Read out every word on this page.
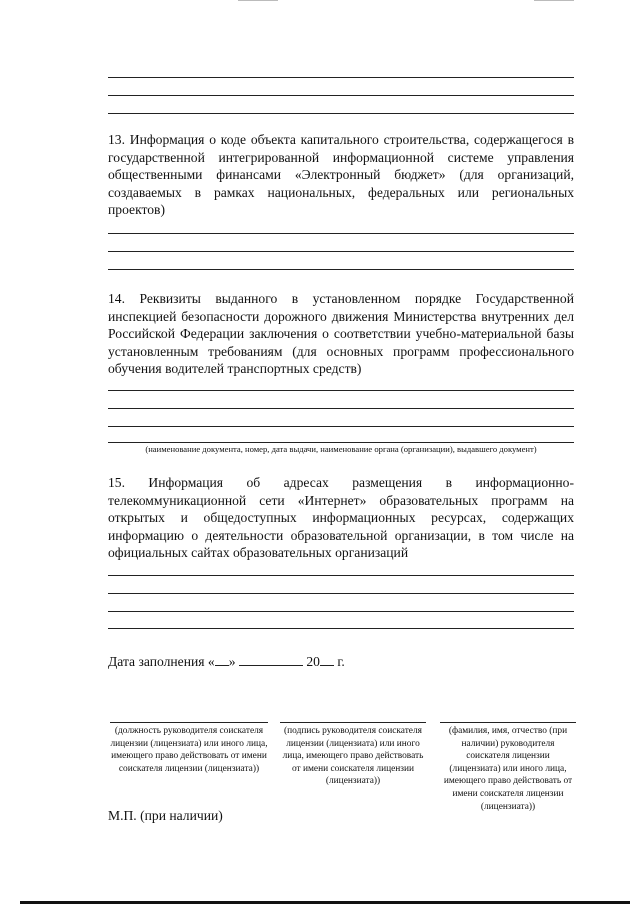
13. Информация о коде объекта капитального строительства, содержащегося в государственной интегрированной информационной системе управления общественными финансами «Электронный бюджет» (для организаций, создаваемых в рамках национальных, федеральных или региональных проектов)
14. Реквизиты выданного в установленном порядке Государственной инспекцией безопасности дорожного движения Министерства внутренних дел Российской Федерации заключения о соответствии учебно-материальной базы установленным требованиям (для основных программ профессионального обучения водителей транспортных средств)
(наименование документа, номер, дата выдачи, наименование органа (организации), выдавшего документ)
15. Информация об адресах размещения в информационно-телекоммуникационной сети «Интернет» образовательных программ на открытых и общедоступных информационных ресурсах, содержащих информацию о деятельности образовательной организации, в том числе на официальных сайтах образовательных организаций
Дата заполнения « »	20 г.
(должность руководителя соискателя лицензии (лицензиата) или иного лица, имеющего право действовать от имени соискателя лицензии (лицензиата))
(подпись руководителя соискателя лицензии (лицензиата) или иного лица, имеющего право действовать от имени соискателя лицензии (лицензиата))
(фамилия, имя, отчество (при наличии) руководителя соискателя лицензии (лицензиата) или иного лица, имеющего право действовать от имени соискателя лицензии (лицензиата))
М.П. (при наличии)
